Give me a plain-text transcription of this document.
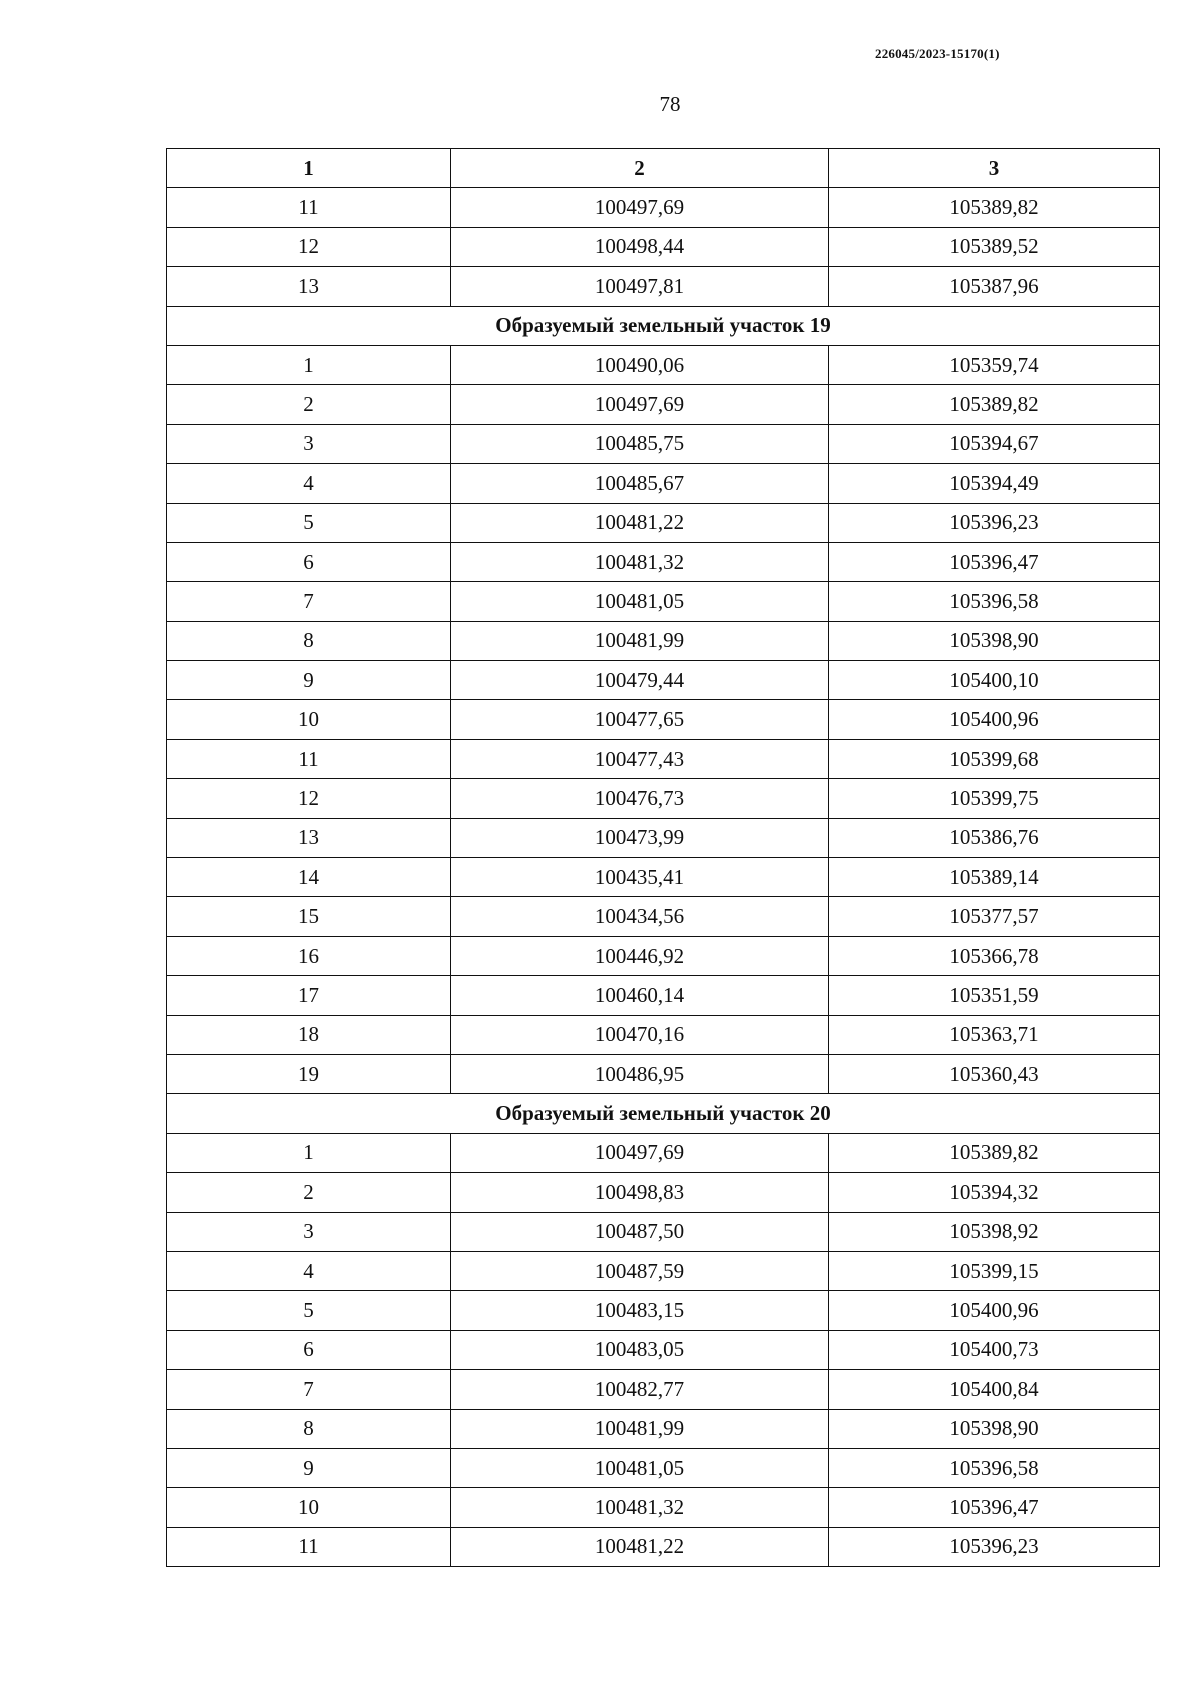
226045/2023-15170(1)
78
1	2	3
11	100497,69	105389,82
12	100498,44	105389,52
13	100497,81	105387,96
Образуемый земельный участок 19		
1	100490,06	105359,74
2	100497,69	105389,82
3	100485,75	105394,67
4	100485,67	105394,49
5	100481,22	105396,23
6	100481,32	105396,47
7	100481,05	105396,58
8	100481,99	105398,90
9	100479,44	105400,10
10	100477,65	105400,96
11	100477,43	105399,68
12	100476,73	105399,75
13	100473,99	105386,76
14	100435,41	105389,14
15	100434,56	105377,57
16	100446,92	105366,78
17	100460,14	105351,59
18	100470,16	105363,71
19	100486,95	105360,43
Образуемый земельный участок 20		
1	100497,69	105389,82
2	100498,83	105394,32
3	100487,50	105398,92
4	100487,59	105399,15
5	100483,15	105400,96
6	100483,05	105400,73
7	100482,77	105400,84
8	100481,99	105398,90
9	100481,05	105396,58
10	100481,32	105396,47
11	100481,22	105396,23
